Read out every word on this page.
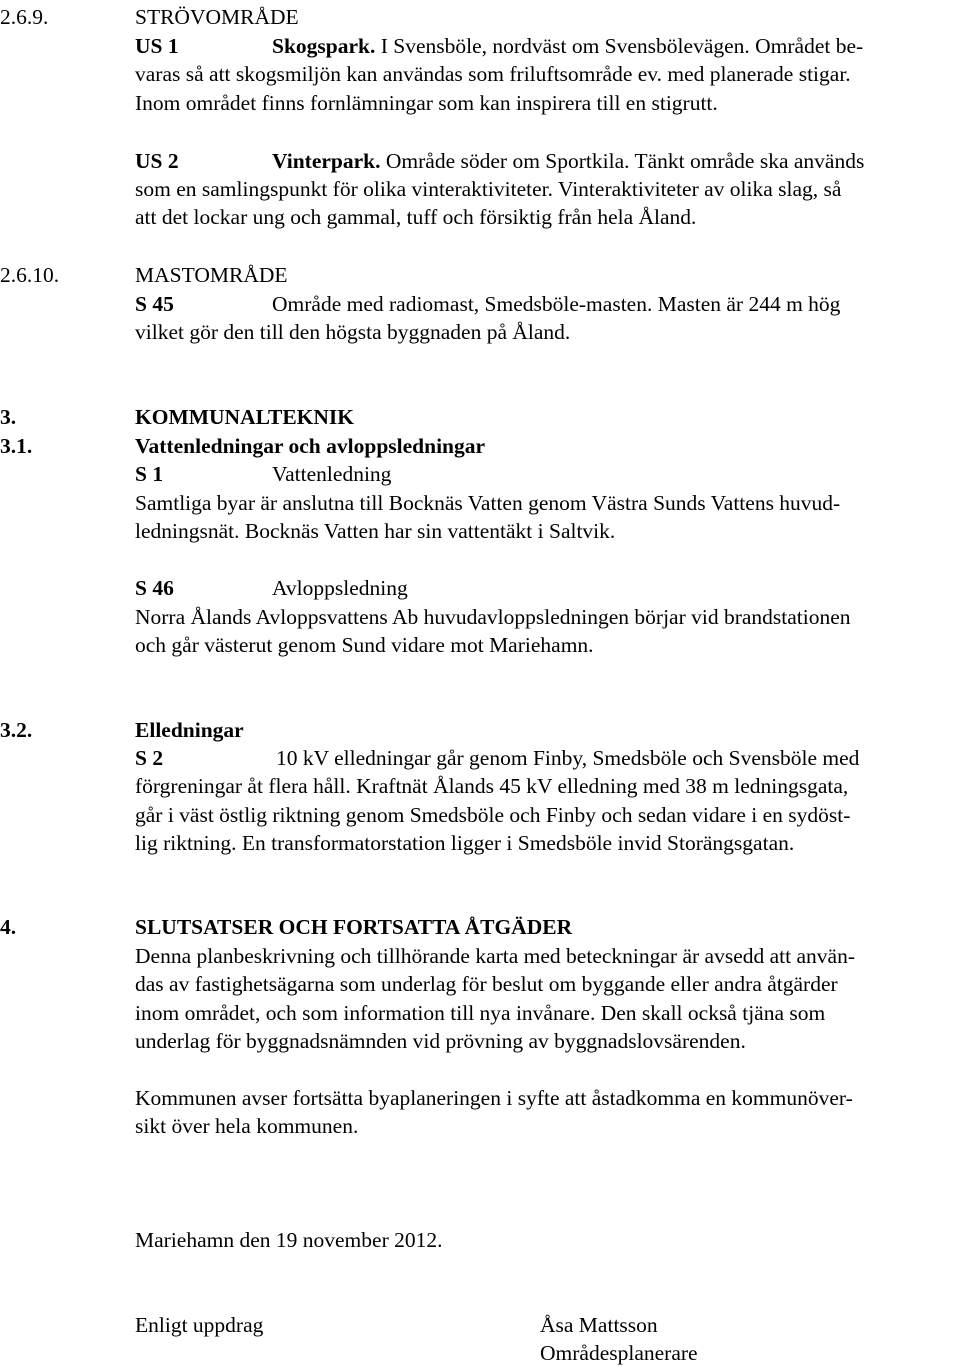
2.6.9.	STRÖVOMRÅDE
US 1	Skogspark. I Svensböle, nordväst om Svensbölevägen. Området be-
varas så att skogsmiljön kan användas som friluftsområde ev. med planerade stigar.
Inom området finns fornlämningar som kan inspirera till en stigrutt.
US 2	Vinterpark. Område söder om Sportkila. Tänkt område ska används
som en samlingspunkt för olika vinteraktiviteter. Vinteraktiviteter av olika slag, så
att det lockar ung och gammal, tuff och försiktig från hela Åland.
2.6.10.	MASTOMRÅDE
S 45	Område med radiomast, Smedsböle-masten. Masten är 244 m hög
vilket gör den till den högsta byggnaden på Åland.
3.	KOMMUNALTEKNIK
3.1.	Vattenledningar och avloppsledningar
S 1	Vattenledning
Samtliga byar är anslutna till Bocknäs Vatten genom Västra Sunds Vattens huvud-
ledningsnät. Bocknäs Vatten har sin vattentäkt i Saltvik.
S 46	Avloppsledning
Norra Ålands Avloppsvattens Ab huvudavloppsledningen börjar vid brandstationen
och går västerut genom Sund vidare mot Mariehamn.
3.2.	Elledningar
S 2	10 kV elledningar går genom Finby, Smedsböle och Svensböle med
förgreningar åt flera håll. Kraftnät Ålands 45 kV elledning med 38 m ledningsgata,
går i väst östlig riktning genom Smedsböle och Finby och sedan vidare i en sydöst-
lig riktning. En transformatorstation ligger i Smedsböle invid Storängsgatan.
4.	SLUTSATSER OCH FORTSATTA ÅTGÄDER
Denna planbeskrivning och tillhörande karta med beteckningar är avsedd att använ-
das av fastighetsägarna som underlag för beslut om byggande eller andra åtgärder
inom området, och som information till nya invånare. Den skall också tjäna som
underlag för byggnadsnämnden vid prövning av byggnadslovsärenden.
Kommunen avser fortsätta byaplaneringen i syfte att åstadkomma en kommunöver-
sikt över hela kommunen.
Mariehamn den 19 november 2012.
Enligt uppdrag	Åsa Mattsson
Områdesplanerare
